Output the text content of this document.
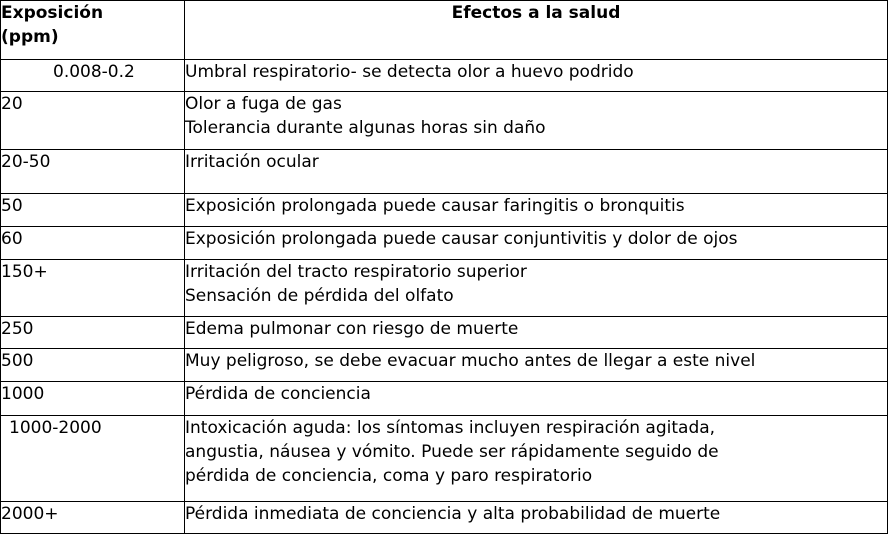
Exposición
(ppm)	Efectos a la salud
0.008-0.2	Umbral respiratorio- se detecta olor a huevo podrido

20	Olor a fuga de gas
Tolerancia durante algunas horas sin daño

20-50	Irritación ocular

50	Exposición prolongada puede causar faringitis o bronquitis

60	Exposición prolongada puede causar conjuntivitis y dolor de ojos

150+	Irritación del tracto respiratorio superior
Sensación de pérdida del olfato

250	Edema pulmonar con riesgo de muerte

500	Muy peligroso, se debe evacuar mucho antes de llegar a este nivel

1000	Pérdida de conciencia

1000-2000	Intoxicación aguda: los síntomas incluyen respiración agitada,
angustia, náusea y vómito. Puede ser rápidamente seguido de
pérdida de conciencia, coma y paro respiratorio

2000+	Pérdida inmediata de conciencia y alta probabilidad de muerte
